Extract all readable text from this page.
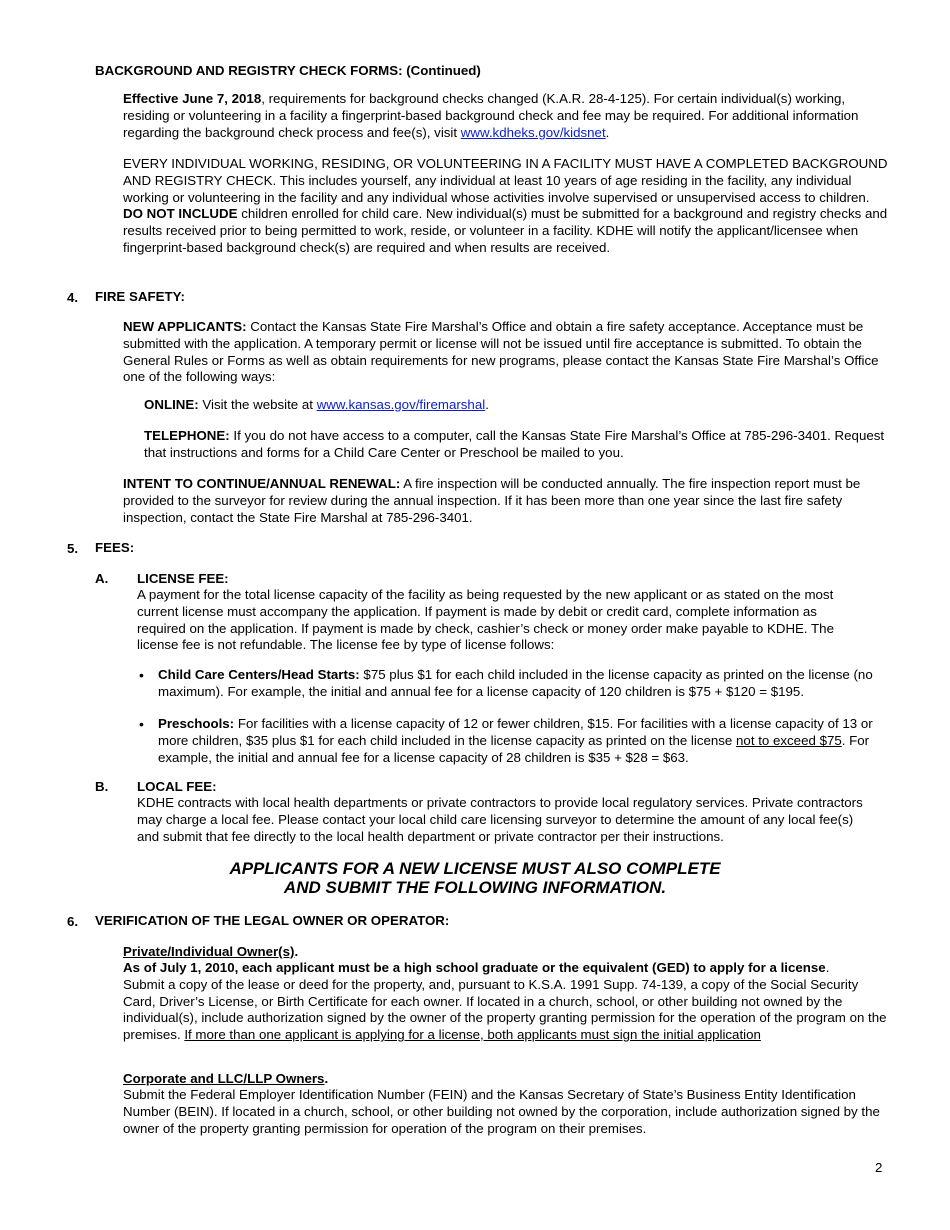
BACKGROUND AND REGISTRY CHECK FORMS: (Continued)

Effective June 7, 2018, requirements for background checks changed (K.A.R. 28-4-125). For certain individual(s) working, residing or volunteering in a facility a fingerprint-based background check and fee may be required. For additional information regarding the background check process and fee(s), visit www.kdheks.gov/kidsnet.

EVERY INDIVIDUAL WORKING, RESIDING, OR VOLUNTEERING IN A FACILITY MUST HAVE A COMPLETED BACKGROUND AND REGISTRY CHECK. This includes yourself, any individual at least 10 years of age residing in the facility, any individual working or volunteering in the facility and any individual whose activities involve supervised or unsupervised access to children. DO NOT INCLUDE children enrolled for child care. New individual(s) must be submitted for a background and registry checks and results received prior to being permitted to work, reside, or volunteer in a facility. KDHE will notify the applicant/licensee when fingerprint-based background check(s) are required and when results are received.

4. FIRE SAFETY:

NEW APPLICANTS: Contact the Kansas State Fire Marshal’s Office and obtain a fire safety acceptance. Acceptance must be submitted with the application. A temporary permit or license will not be issued until fire acceptance is submitted. To obtain the General Rules or Forms as well as obtain requirements for new programs, please contact the Kansas State Fire Marshal’s Office one of the following ways:

ONLINE: Visit the website at www.kansas.gov/firemarshal.

TELEPHONE: If you do not have access to a computer, call the Kansas State Fire Marshal’s Office at 785-296-3401. Request that instructions and forms for a Child Care Center or Preschool be mailed to you.

INTENT TO CONTINUE/ANNUAL RENEWAL: A fire inspection will be conducted annually. The fire inspection report must be provided to the surveyor for review during the annual inspection. If it has been more than one year since the last fire safety inspection, contact the State Fire Marshal at 785-296-3401.

5. FEES:

A. LICENSE FEE:

A payment for the total license capacity of the facility as being requested by the new applicant or as stated on the most current license must accompany the application. If payment is made by debit or credit card, complete information as required on the application. If payment is made by check, cashier’s check or money order make payable to KDHE. The license fee is not refundable. The license fee by type of license follows:

• Child Care Centers/Head Starts: $75 plus $1 for each child included in the license capacity as printed on the license (no maximum). For example, the initial and annual fee for a license capacity of 120 children is $75 + $120 = $195.

• Preschools: For facilities with a license capacity of 12 or fewer children, $15. For facilities with a license capacity of 13 or more children, $35 plus $1 for each child included in the license capacity as printed on the license not to exceed $75. For example, the initial and annual fee for a license capacity of 28 children is $35 + $28 = $63.

B. LOCAL FEE:

KDHE contracts with local health departments or private contractors to provide local regulatory services. Private contractors may charge a local fee. Please contact your local child care licensing surveyor to determine the amount of any local fee(s) and submit that fee directly to the local health department or private contractor per their instructions.

APPLICANTS FOR A NEW LICENSE MUST ALSO COMPLETE
AND SUBMIT THE FOLLOWING INFORMATION.
6. VERIFICATION OF THE LEGAL OWNER OR OPERATOR:

Private/Individual Owner(s).

As of July 1, 2010, each applicant must be a high school graduate or the equivalent (GED) to apply for a license.
Submit a copy of the lease or deed for the property, and, pursuant to K.S.A. 1991 Supp. 74-139, a copy of the Social Security Card, Driver’s License, or Birth Certificate for each owner. If located in a church, school, or other building not owned by the individual(s), include authorization signed by the owner of the property granting permission for the operation of the program on the premises. If more than one applicant is applying for a license, both applicants must sign the initial application

Corporate and LLC/LLP Owners.

Submit the Federal Employer Identification Number (FEIN) and the Kansas Secretary of State’s Business Entity Identification Number (BEIN). If located in a church, school, or other building not owned by the corporation, include authorization signed by the owner of the property granting permission for operation of the program on their premises.

2
